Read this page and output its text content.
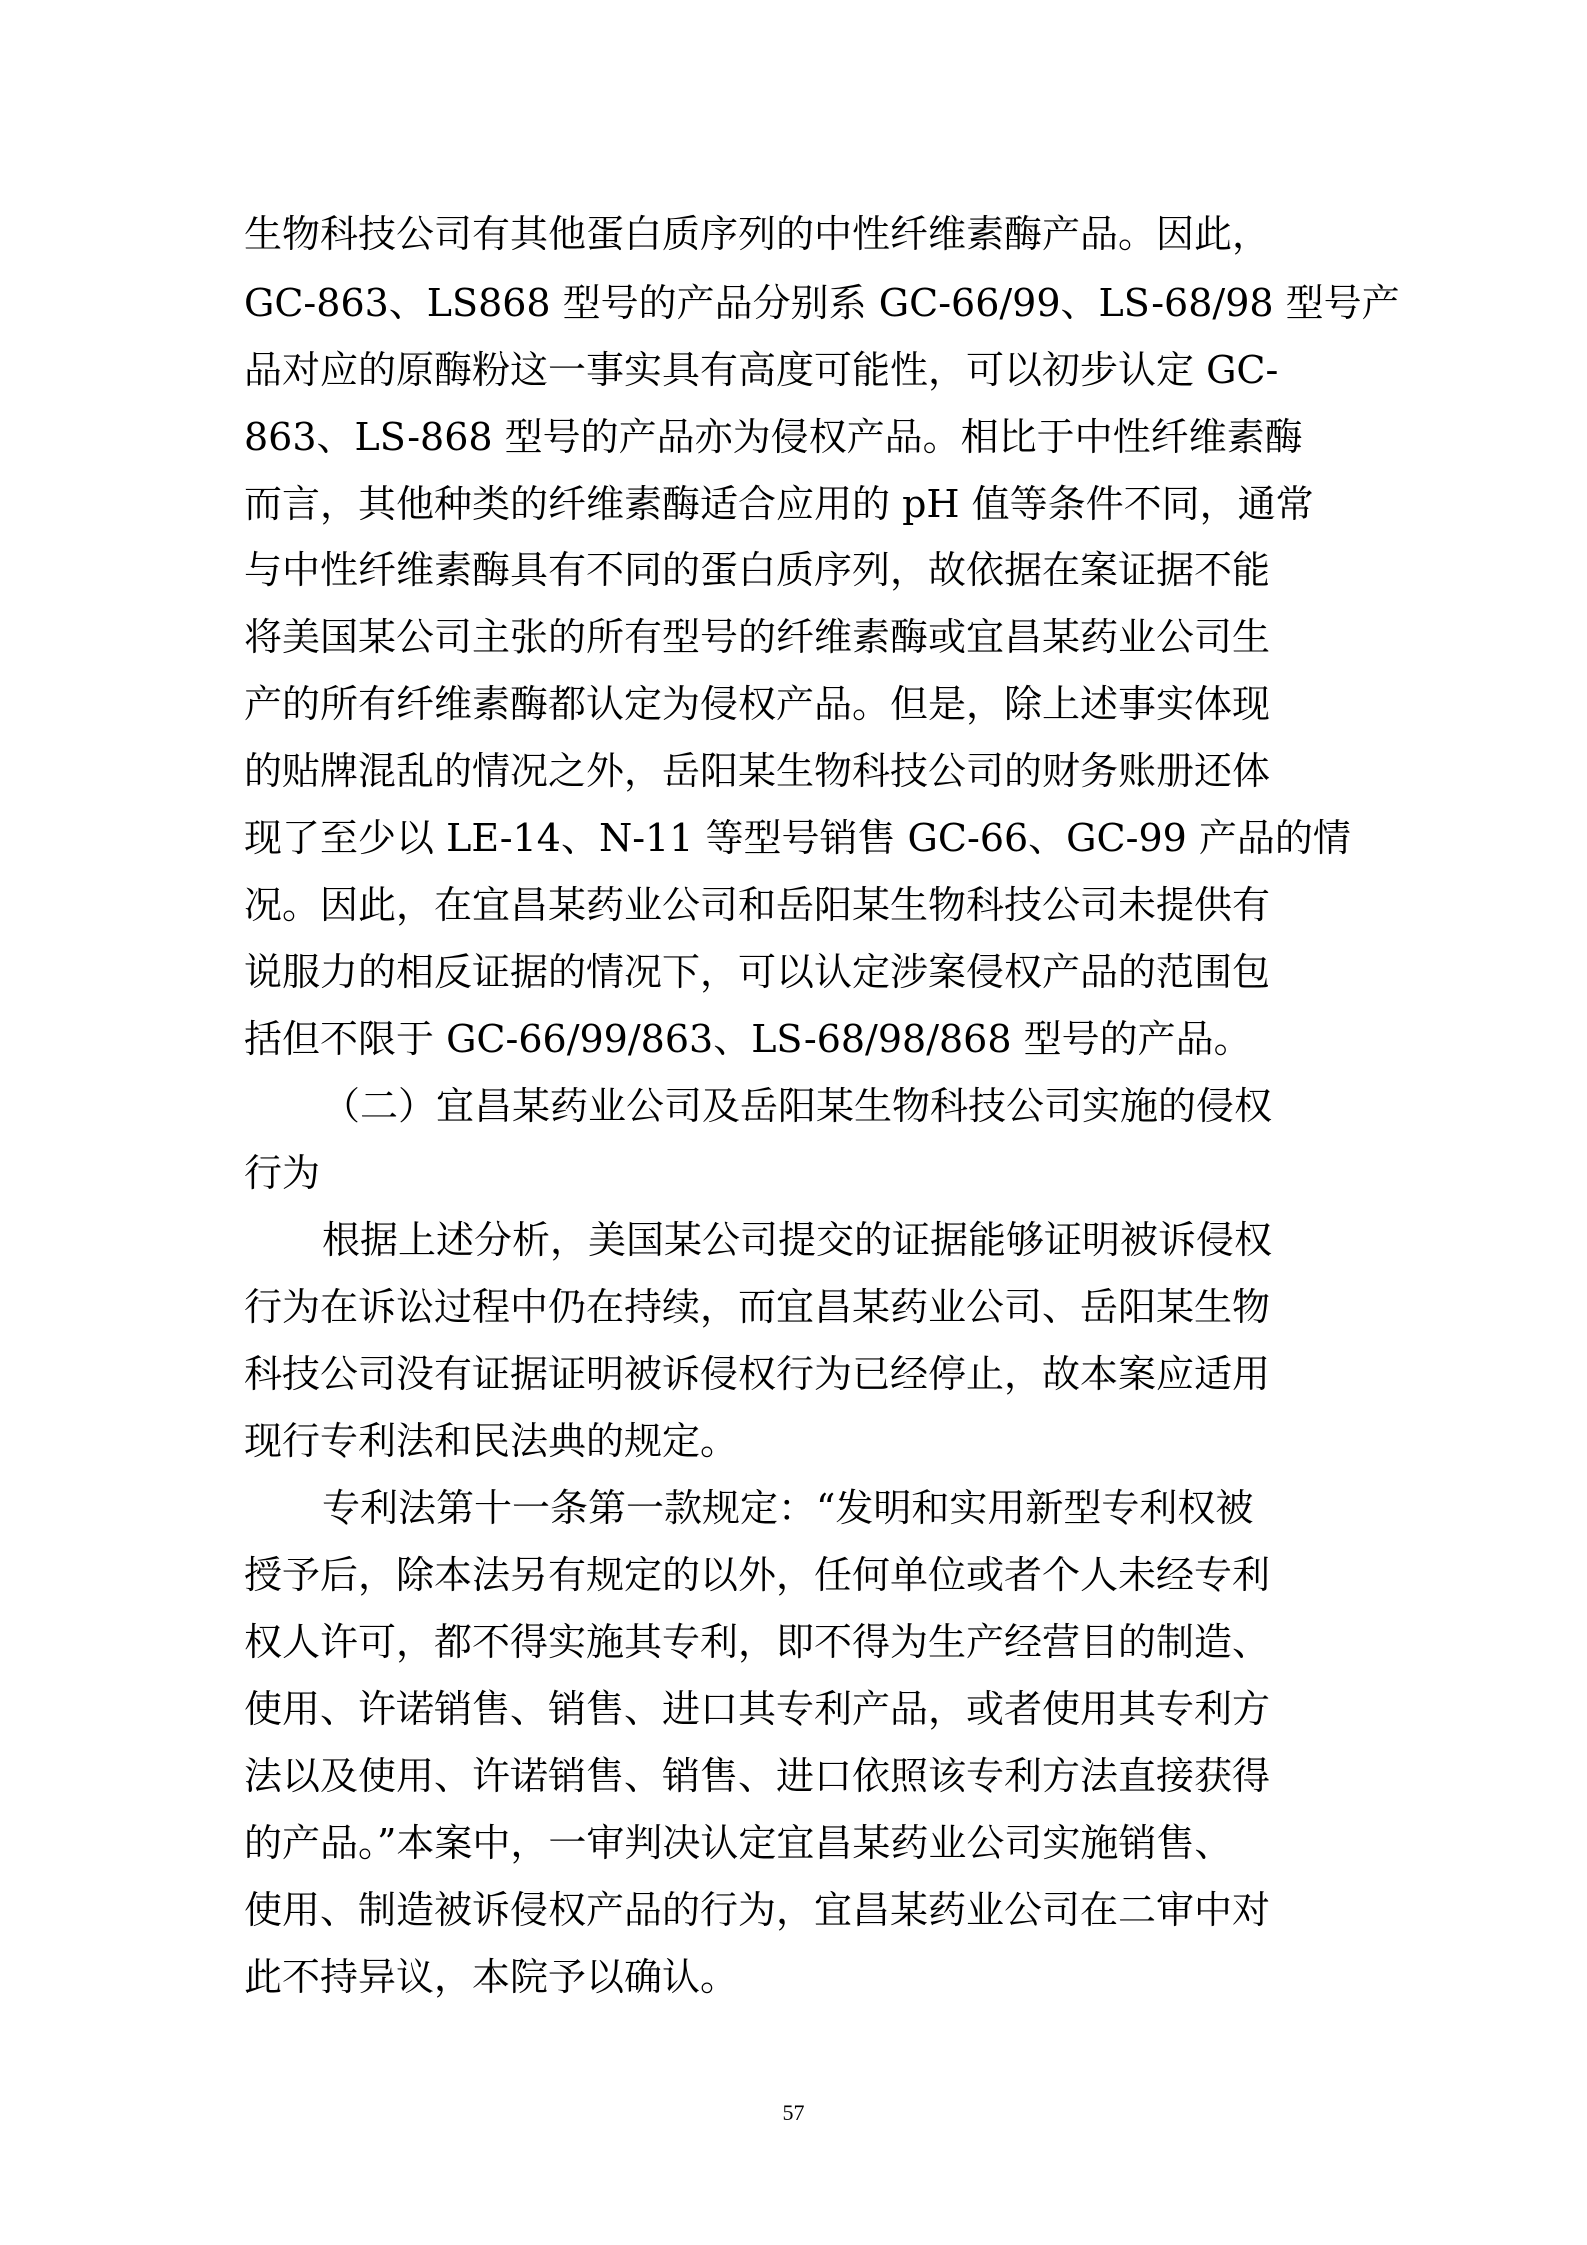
生物科技公司有其他蛋白质序列的中性纤维素酶产品。因此，
GC-863、LS868 型号的产品分别系 GC-66/99、LS-68/98 型号产
品对应的原酶粉这一事实具有高度可能性，可以初步认定 GC-
863、LS-868 型号的产品亦为侵权产品。相比于中性纤维素酶
而言，其他种类的纤维素酶适合应用的 pH 值等条件不同，通常
与中性纤维素酶具有不同的蛋白质序列，故依据在案证据不能
将美国某公司主张的所有型号的纤维素酶或宜昌某药业公司生
产的所有纤维素酶都认定为侵权产品。但是，除上述事实体现
的贴牌混乱的情况之外，岳阳某生物科技公司的财务账册还体
现了至少以 LE-14、N-11 等型号销售 GC-66、GC-99 产品的情
况。因此，在宜昌某药业公司和岳阳某生物科技公司未提供有
说服力的相反证据的情况下，可以认定涉案侵权产品的范围包
括但不限于 GC-66/99/863、LS-68/98/868 型号的产品。
（二）宜昌某药业公司及岳阳某生物科技公司实施的侵权
行为
根据上述分析，美国某公司提交的证据能够证明被诉侵权
行为在诉讼过程中仍在持续，而宜昌某药业公司、岳阳某生物
科技公司没有证据证明被诉侵权行为已经停止，故本案应适用
现行专利法和民法典的规定。
专利法第十一条第一款规定：“发明和实用新型专利权被
授予后，除本法另有规定的以外，任何单位或者个人未经专利
权人许可，都不得实施其专利，即不得为生产经营目的制造、
使用、许诺销售、销售、进口其专利产品，或者使用其专利方
法以及使用、许诺销售、销售、进口依照该专利方法直接获得
的产品。”本案中，一审判决认定宜昌某药业公司实施销售、
使用、制造被诉侵权产品的行为，宜昌某药业公司在二审中对
此不持异议，本院予以确认。
57
